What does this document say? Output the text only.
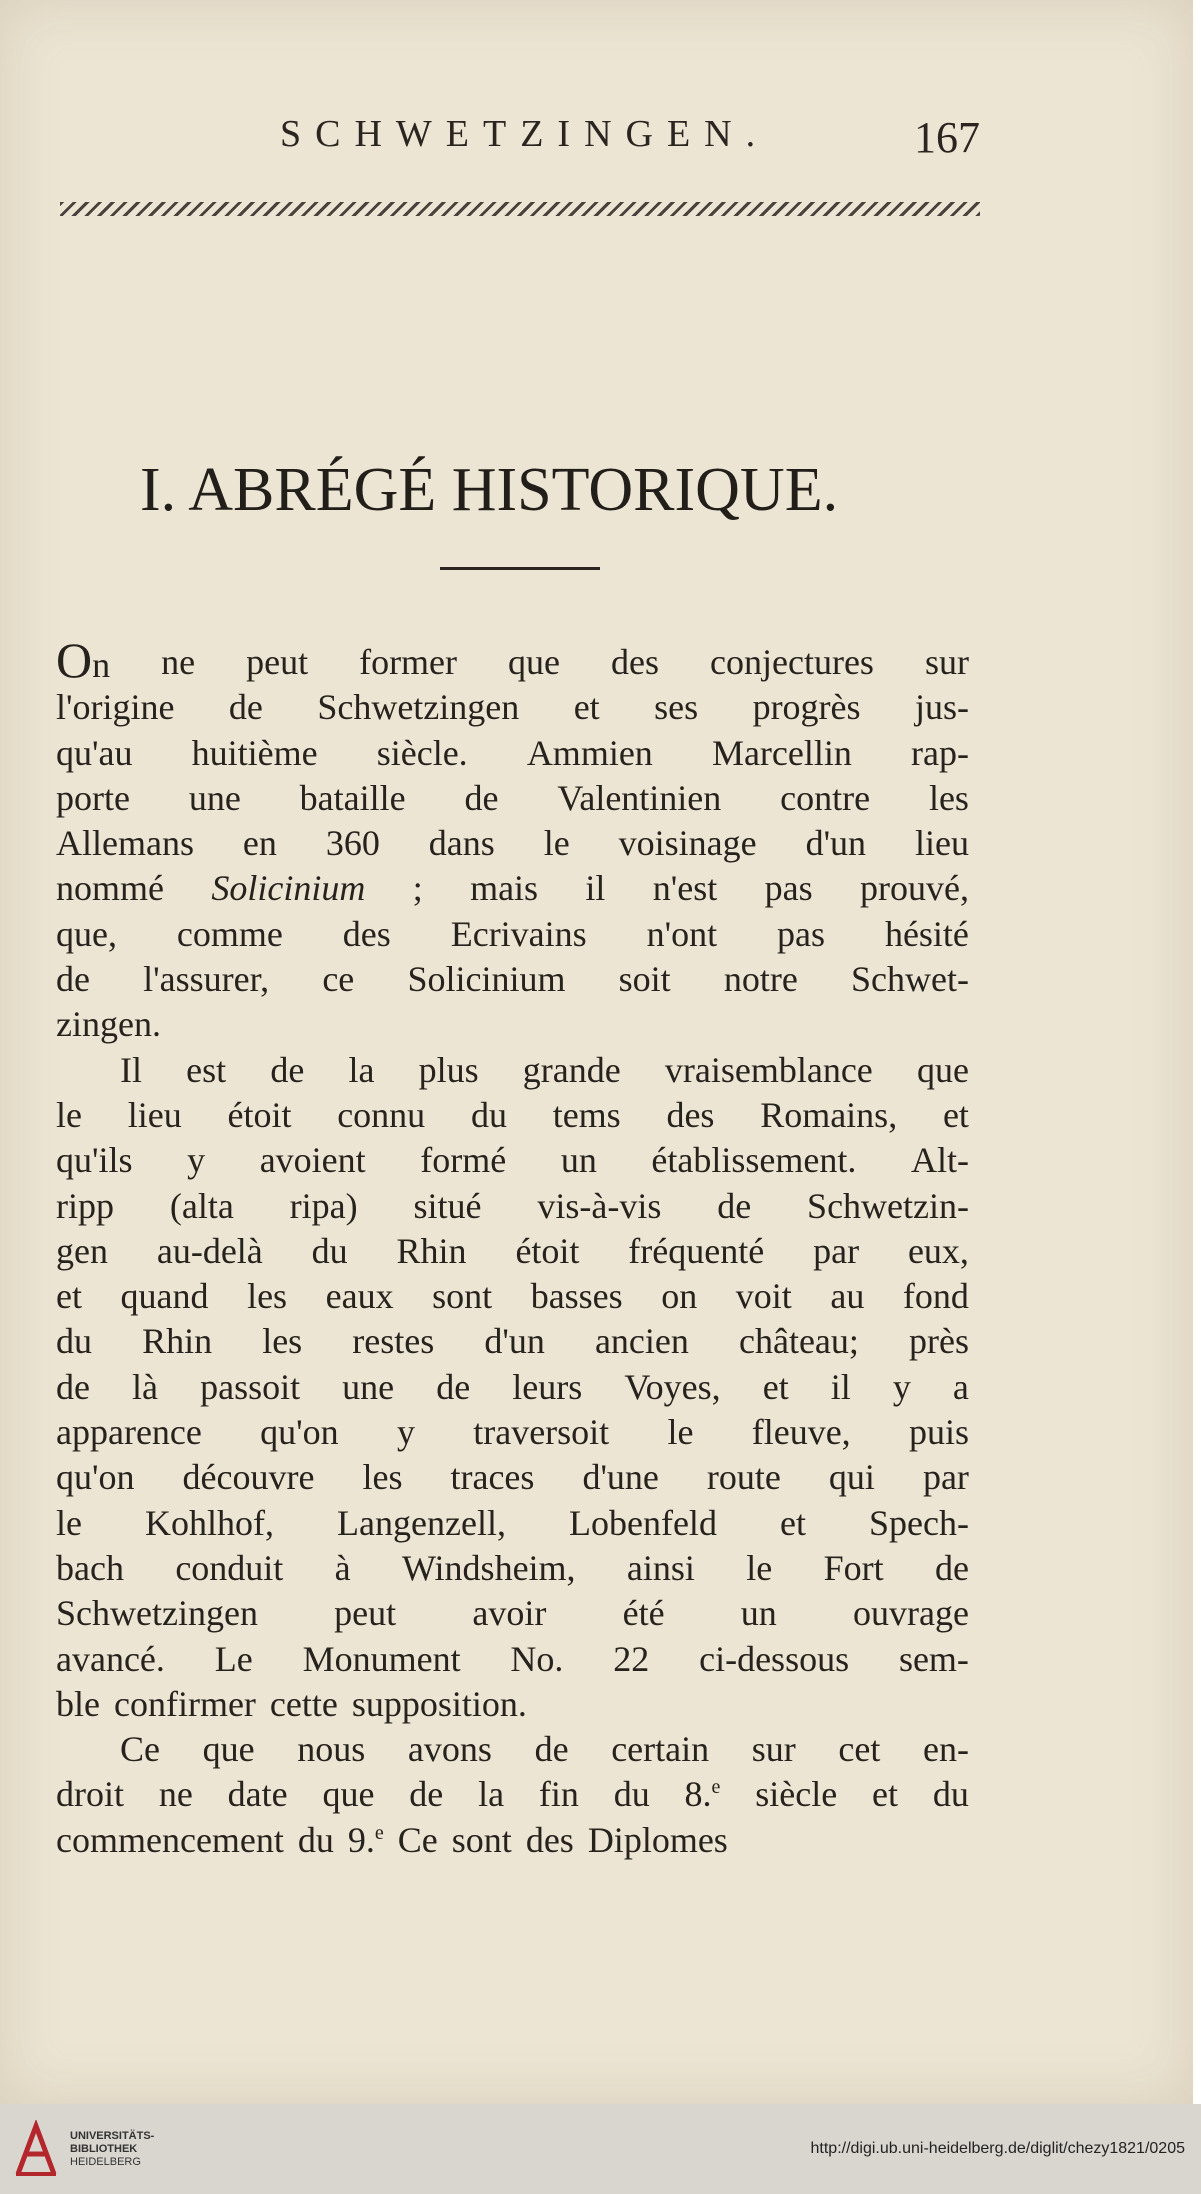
SCHWETZINGEN.	167
I. ABRÉGÉ HISTORIQUE.
On ne peut former que des conjectures sur
l'origine de Schwetzingen et ses progrès jus-
qu'au huitième siècle. Ammien Marcellin rap-
porte une bataille de Valentinien contre les
Allemans en 360 dans le voisinage d'un lieu
nommé Solicinium ; mais il n'est pas prouvé,
que, comme des Ecrivains n'ont pas hésité
de l'assurer, ce Solicinium soit notre Schwet-
zingen.
Il est de la plus grande vraisemblance que
le lieu étoit connu du tems des Romains, et
qu'ils y avoient formé un établissement. Alt-
ripp (alta ripa) situé vis-à-vis de Schwetzin-
gen au-delà du Rhin étoit fréquenté par eux,
et quand les eaux sont basses on voit au fond
du Rhin les restes d'un ancien château; près
de là passoit une de leurs Voyes, et il y a
apparence qu'on y traversoit le fleuve, puis
qu'on découvre les traces d'une route qui par
le Kohlhof, Langenzell, Lobenfeld et Spech-
bach conduit à Windsheim, ainsi le Fort de
Schwetzingen peut avoir été un ouvrage
avancé. Le Monument No. 22 ci-dessous sem-
ble confirmer cette supposition.
Ce que nous avons de certain sur cet en-
droit ne date que de la fin du 8.$^e$ siècle et du
commencement du 9.$^e$ Ce sont des Diplomes
UNIVERSITÄTS-
BIBLIOTHEK
HEIDELBERG
http://digi.ub.uni-heidelberg.de/diglit/chezy1821/0205
